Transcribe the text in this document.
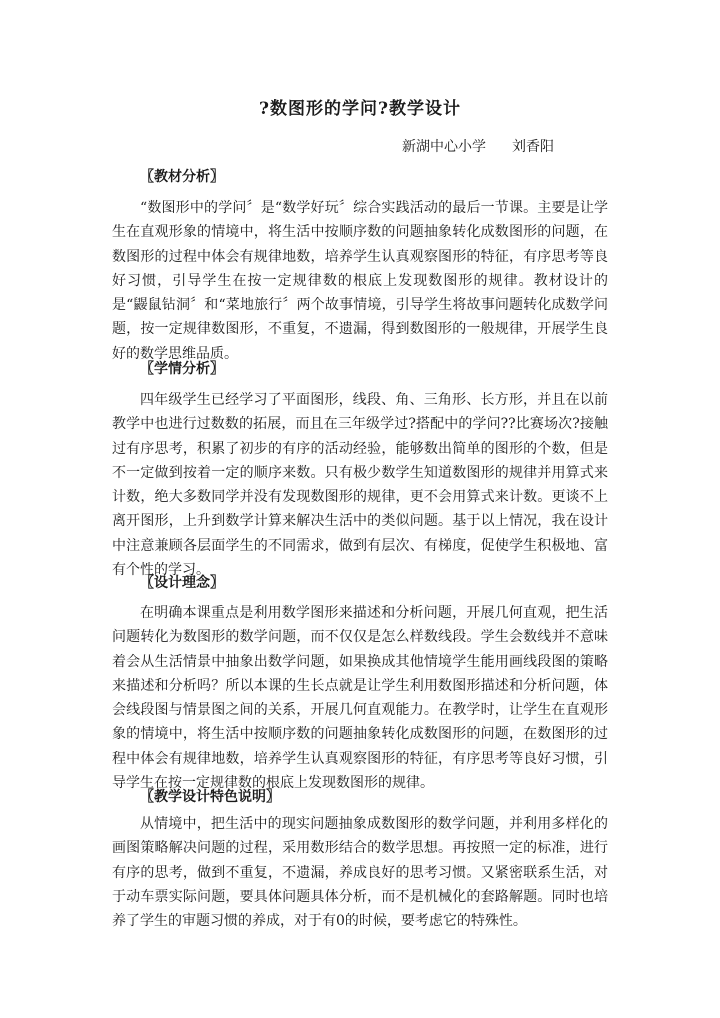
?数图形的学问?教学设计
新湖中心小学 刘香阳
〖教材分析〗

“数图形中的学问〞是“数学好玩〞综合实践活动的最后一节课。主要是让学生在直观形象的情境中，将生活中按顺序数的问题抽象转化成数图形的问题，在数图形的过程中体会有规律地数，培养学生认真观察图形的特征，有序思考等良好习惯，引导学生在按一定规律数的根底上发现数图形的规律。教材设计的是“鼹鼠钻洞〞和“菜地旅行〞两个故事情境，引导学生将故事问题转化成数学问题，按一定规律数图形，不重复，不遗漏，得到数图形的一般规律，开展学生良好的数学思维品质。

〖学情分析〗

四年级学生已经学习了平面图形，线段、角、三角形、长方形，并且在以前教学中也进行过数数的拓展，而且在三年级学过?搭配中的学问??比赛场次?接触过有序思考，积累了初步的有序的活动经验，能够数出简单的图形的个数，但是不一定做到按着一定的顺序来数。只有极少数学生知道数图形的规律并用算式来计数，绝大多数同学并没有发现数图形的规律，更不会用算式来计数。更谈不上离开图形，上升到数学计算来解决生活中的类似问题。基于以上情况，我在设计中注意兼顾各层面学生的不同需求，做到有层次、有梯度，促使学生积极地、富有个性的学习。

〖设计理念〗

在明确本课重点是利用数学图形来描述和分析问题，开展几何直观，把生活问题转化为数图形的数学问题，而不仅仅是怎么样数线段。学生会数线并不意味着会从生活情景中抽象出数学问题，如果换成其他情境学生能用画线段图的策略来描述和分析吗？所以本课的生长点就是让学生利用数图形描述和分析问题，体会线段图与情景图之间的关系，开展几何直观能力。在教学时，让学生在直观形象的情境中，将生活中按顺序数的问题抽象转化成数图形的问题，在数图形的过程中体会有规律地数，培养学生认真观察图形的特征，有序思考等良好习惯，引导学生在按一定规律数的根底上发现数图形的规律。

〖教学设计特色说明〗

从情境中，把生活中的现实问题抽象成数图形的数学问题，并利用多样化的画图策略解决问题的过程，采用数形结合的数学思想。再按照一定的标准，进行有序的思考，做到不重复，不遗漏，养成良好的思考习惯。又紧密联系生活，对于动车票实际问题，要具体问题具体分析，而不是机械化的套路解题。同时也培养了学生的审题习惯的养成，对于有0的时候，要考虑它的特殊性。
